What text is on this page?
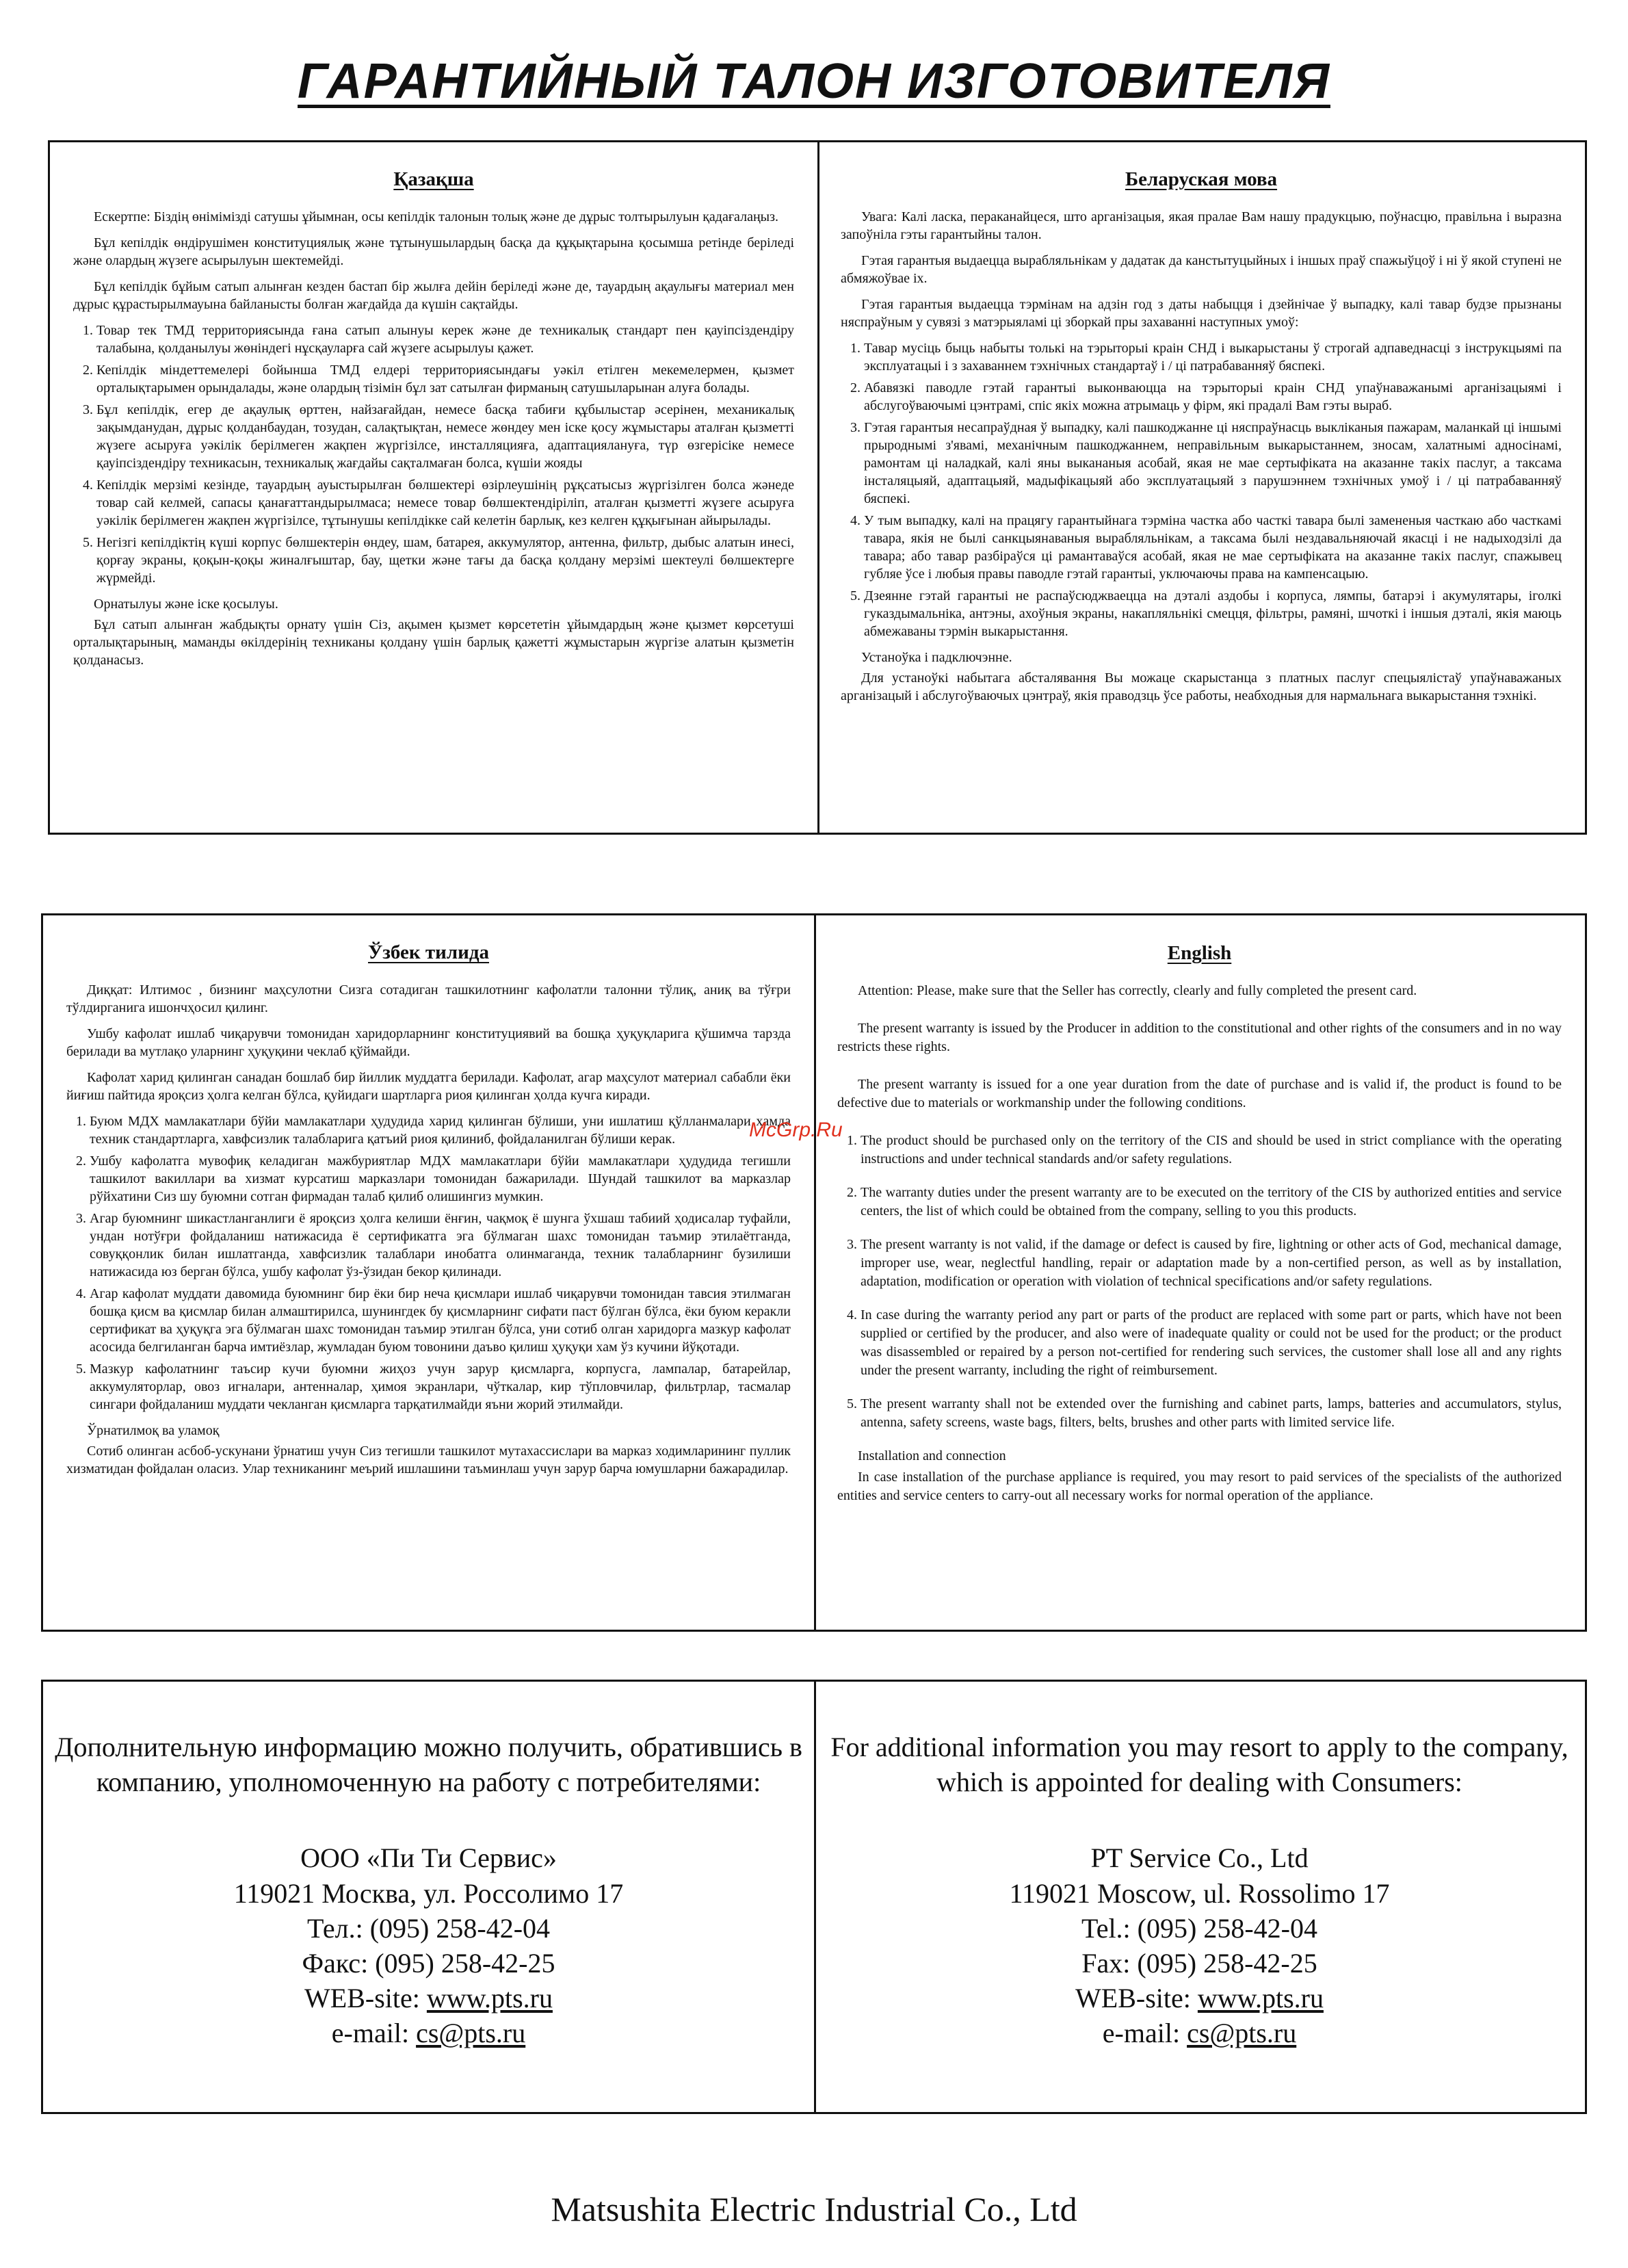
ГАРАНТИЙНЫЙ ТАЛОН ИЗГОТОВИТЕЛЯ
Қазақша

Ескертпе: Біздің өнімімізді сатушы ұйымнан, осы кепілдік талонын толық және де дұрыс толтырылуын қадағалаңыз.

Бұл кепілдік өндірушімен конституциялық және тұтынушылардың басқа да құқықтарына қосымша ретінде беріледі және олардың жүзеге асырылуын шектемейді.

Бұл кепілдік бұйым сатып алынған кезден бастап бір жылға дейін беріледі және де, тауардың ақаулығы материал мен дұрыс құрастырылмауына байланысты болған жағдайда да күшін сақтайды.

1. Товар тек ТМД территориясында ғана сатып алынуы керек және де техникалық стандарт пен қауіпсіздендіру талабына, қолданылуы жөніндегі нұсқауларға сай жүзеге асырылуы қажет.
2. Кепілдік міндеттемелері бойынша ТМД елдері территориясындағы уәкіл етілген мекемелермен, қызмет орталықтарымен орындалады, және олардың тізімін бұл зат сатылған фирманың сатушыларынан алуға болады.
3. Бұл кепілдік, егер де ақаулық өрттен, найзағайдан, немесе басқа табиғи құбылыстар әсерінен, механикалық зақымданудан, дұрыс қолданбаудан, тозудан, салақтықтан, немесе жөндеу мен іске қосу жұмыстары аталған қызметті жүзеге асыруға уәкілік берілмеген жақпен жүргізілсе, инсталляцияға, адаптациялануға, түр өзгерісіке немесе қауіпсіздендіру техникасын, техникалық жағдайы сақталмаған болса, күшіи жояды
4. Кепілдік мерзімі кезінде, тауардың ауыстырылған бөлшектері өзірлеушінің рұқсатысыз жүргізілген болса жәнеде товар сай келмей, сапасы қанағаттандырылмаса; немесе товар бөлшектендіріліп, аталған қызметті жүзеге асыруға уәкілік берілмеген жақпен жүргізілсе, тұтынушы кепілдікке сай келетін барлық, кез келген құқығынан айырылады.
5. Негізгі кепілдіктің күші корпус бөлшектерін өндеу, шам, батарея, аккумулятор, антенна, фильтр, дыбыс алатын инесі, қорғау экраны, қоқын-қоқы жиналғыштар, бау, щетки және тағы да басқа қолдану мерзімі шектеулі бөлшектерге жүрмейді.

Орнатылуы және іске қосылуы.

Бұл сатып алынған жабдықты орнату үшін Сіз, ақымен қызмет көрсететін ұйымдардың және қызмет көрсетуші орталықтарының, маманды өкілдерінің техниканы қолдану үшін барлық қажетті жұмыстарын жүргізе алатын қызметін қолданасыз.

Беларуская мова

Увага: Калі ласка, пераканайцеся, што арганізацыя, якая пралае Вам нашу прадукцыю, поўнасцю, правільна і выразна запоўніла гэты гарантыйны талон.

Гэтая гарантыя выдаецца вырабляльнікам у дадатак да канстытуцыйных і іншых праў спажыўцоў і ні ў якой ступені не абмяжоўвае іх.

Гэтая гарантыя выдаецца тэрмінам на адзін год з даты набыцця і дзейнічае ў выпадку, калі тавар будзе прызнаны няспраўным у сувязі з матэрыяламі ці зборкай пры захаванні наступных умоў:

1. Тавар мусіць быць набыты толькі на тэрыторыі краін СНД і выкарыстаны ў строгай адпаведнасці з інструкцыямі па эксплуатацыі і з захаваннем тэхнічных стандартаў і / ці патрабаванняў бяспекі.
2. Абавязкі паводле гэтай гарантыі выконваюцца на тэрыторыі краін СНД упаўнаважанымі арганізацыямі і абслугоўваючымі цэнтрамі, спіс якіх можна атрымаць у фірм, які прадалі Вам гэты выраб.
3. Гэтая гарантыя несапраўдная ў выпадку, калі пашкоджанне ці няспраўнасць выкліканыя пажарам, маланкай ці іншымі прыроднымі з'явамі, механічным пашкоджаннем, неправільным выкарыстаннем, зносам, халатнымі адносінамі, рамонтам ці наладкай, калі яны выкананыя асобай, якая не мае сертыфіката на аказанне такіх паслуг, а таксама інсталяцыяй, адаптацыяй, мадыфікацыяй або эксплуатацыяй з парушэннем тэхнічных умоў і / ці патрабаванняў бяспекі.
4. У тым выпадку, калі на працягу гарантыйнага тэрміна частка або часткі тавара былі замененыя часткаю або часткамі тавара, якія не былі санкцыянаваныя вырабляльнікам, а таксама былі нездавальняючай якасці і не надыходзілі да тавара; або тавар разбіраўся ці рамантаваўся асобай, якая не мае сертыфіката на аказанне такіх паслуг, спажывец губляе ўсе і любыя правы паводле гэтай гарантыі, уключаючы права на кампенсацыю.
5. Дзеянне гэтай гарантыі не распаўсюджваецца на дэталі аздобы і корпуса, лямпы, батарэі і акумулятары, іголкі гуказдымальніка, антэны, ахоўныя экраны, накапляльнікі смецця, фільтры, рамяні, шчоткі і іншыя дэталі, якія маюць абмежаваны тэрмін выкарыстання.

Устаноўка і падключэнне.

Для устаноўкі набытага абсталявання Вы можаце скарыстанца з платных паслуг спецыялістаў упаўнаважаных арганізацый і абслугоўваючых цэнтраў, якія праводзць ўсе работы, неабходныя для нармальнага выкарыстання тэхнікі.

Ўзбек тилида

Диққат: Илтимос , бизнинг маҳсулотни Сизга сотадиган ташкилотнинг кафолатли талонни тўлиқ, аниқ ва тўғри тўлдирганига ишончҳосил қилинг.

Ушбу кафолат ишлаб чиқарувчи томонидан харидорларнинг конституциявий ва бошқа ҳуқуқларига қўшимча тарзда берилади ва мутлақо уларнинг ҳуқуқини чеклаб қўймайди.

Кафолат харид қилинган санадан бошлаб бир йиллик муддатга берилади. Кафолат, агар маҳсулот материал сабабли ёки йиғиш пайтида яроқсиз ҳолга келган бўлса, қуйидаги шартларга риоя қилинган ҳолда кучга киради.

1. Буюм МДХ мамлакатлари бўйи мамлакатлари ҳудудида харид қилинган бўлиши, уни ишлатиш қўлланмалари ҳамда техник стандартларга, хавфсизлик талабларига қатъий риоя қилиниб, фойдаланилган бўлиши керак.
2. Ушбу кафолатга мувофиқ келадиган мажбуриятлар МДХ мамлакатлари бўйи мамлакатлари ҳудудида тегишли ташкилот вакиллари ва хизмат курсатиш марказлари томонидан бажарилади. Шундай ташкилот ва марказлар рўйхатини Сиз шу буюмни сотган фирмадан талаб қилиб олишингиз мумкин.
3. Агар буюмнинг шикастланганлиги ё яроқсиз ҳолга келиши ёнғин, чақмоқ ё шунга ўхшаш табиий ҳодисалар туфайли, ундан нотўғри фойдаланиш натижасида ё сертификатга эга бўлмаган шахс томонидан таъмир этилаётганда, совуққонлик билан ишлатганда, хавфсизлик талаблари инобатга олинмаганда, техник талабларнинг бузилиши натижасида юз берган бўлса, ушбу кафолат ўз-ўзидан бекор қилинади.
4. Агар кафолат муддати давомида буюмнинг бир ёки бир неча қисмлари ишлаб чиқарувчи томонидан тавсия этилмаган бошқа қисм ва қисмлар билан алмаштирилса, шунингдек бу қисмларнинг сифати паст бўлган бўлса, ёки буюм керакли сертификат ва ҳуқуқга эга бўлмаган шахс томонидан таъмир этилган бўлса, уни сотиб олган харидорга мазкур кафолат асосида белгиланган барча имтиёзлар, жумладан буюм товонини даъво қилиш ҳуқуқи хам ўз кучини йўқотади.
5. Мазкур кафолатнинг таъсир кучи буюмни жиҳоз учун зарур қисмларга, корпусга, лампалар, батарейлар, аккумуляторлар, овоз игналари, антенналар, ҳимоя экранлари, чўткалар, кир тўпловчилар, фильтрлар, тасмалар сингари фойдаланиш муддати чекланган қисмларга тарқатилмайди яъни жорий этилмайди.

Ўрнатилмоқ ва уламоқ

Сотиб олинган асбоб-ускунани ўрнатиш учун Сиз тегишли ташкилот мутахассислари ва марказ ходимларининг пуллик хизматидан фойдалан оласиз. Улар техниканинг меърий ишлашини таъминлаш учун зарур барча юмушларни бажарадилар.

English

Attention: Please, make sure that the Seller has correctly, clearly and fully completed the present card.

The present warranty is issued by the Producer in addition to the constitutional and other rights of the consumers and in no way restricts these rights.

The present warranty is issued for a one year duration from the date of purchase and is valid if, the product is found to be defective due to materials or workmanship under the following conditions.

1. The product should be purchased only on the territory of the CIS and should be used in strict compliance with the operating instructions and under technical standards and/or safety regulations.
2. The warranty duties under the present warranty are to be executed on the territory of the CIS by authorized entities and service centers, the list of which could be obtained from the company, selling to you this products.
3. The present warranty is not valid, if the damage or defect is caused by fire, lightning or other acts of God, mechanical damage, improper use, wear, neglectful handling, repair or adaptation made by a non-certified person, as well as by installation, adaptation, modification or operation with violation of technical specifications and/or safety regulations.
4. In case during the warranty period any part or parts of the product are replaced with some part or parts, which have not been supplied or certified by the producer, and also were of inadequate quality or could not be used for the product; or the product was disassembled or repaired by a person not-certified for rendering such services, the customer shall lose all and any rights under the present warranty, including the right of reimbursement.
5. The present warranty shall not be extended over the furnishing and cabinet parts, lamps, batteries and accumulators, stylus, antenna, safety screens, waste bags, filters, belts, brushes and other parts with limited service life.
Installation and connection
In case installation of the purchase appliance is required, you may resort to paid services of the specialists of the authorized entities and service centers to carry-out all necessary works for normal operation of the appliance.
McGrp.Ru
Дополнительную информацию можно получить, обратившись в компанию, уполномоченную на работу с потребителями:
ООО «Пи Ти Сервис»
119021 Москва, ул. Россолимо 17
Тел.: (095) 258-42-04
Факс: (095) 258-42-25
WEB-site: www.pts.ru
e-mail: cs@pts.ru
For additional information you may resort to apply to the company, which is appointed for dealing with Consumers:
PT Service Co., Ltd
119021 Moscow, ul. Rossolimo 17
Tel.: (095) 258-42-04
Fax: (095) 258-42-25
WEB-site: www.pts.ru
e-mail: cs@pts.ru
Matsushita Electric Industrial Co., Ltd
